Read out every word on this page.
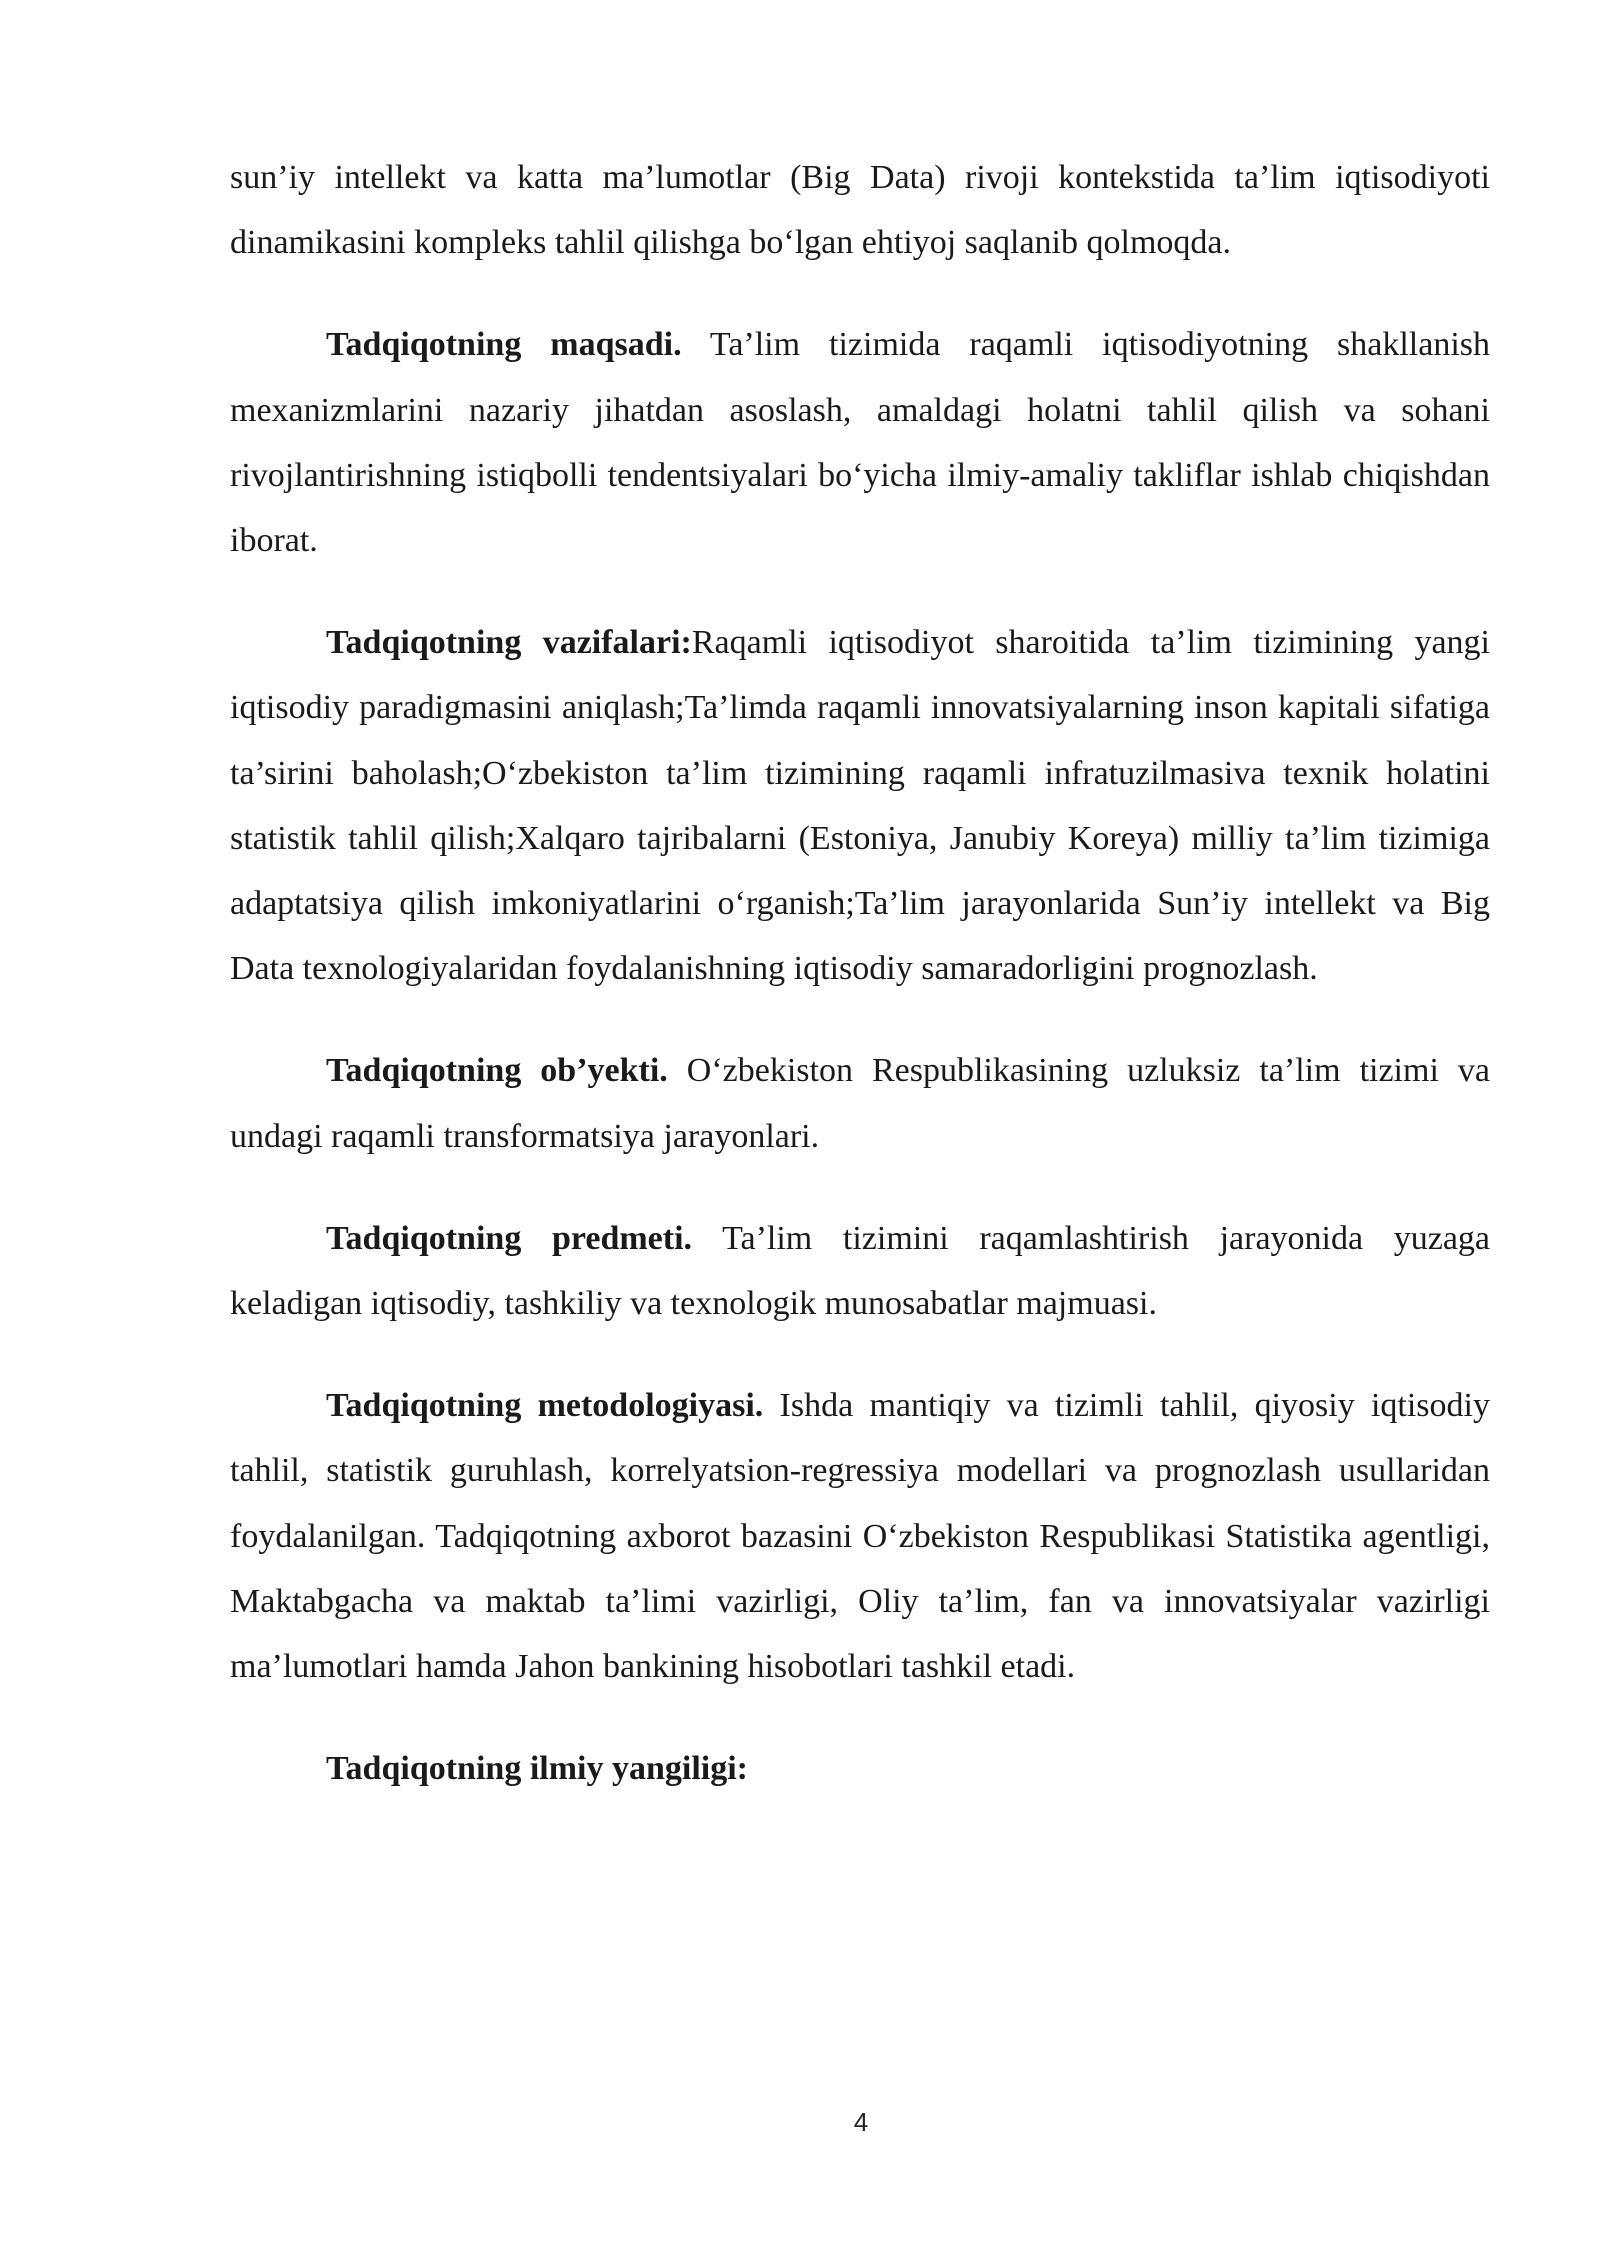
sun’iy intellekt va katta ma’lumotlar (Big Data) rivoji kontekstida ta’lim iqtisodiyoti dinamikasini kompleks tahlil qilishga bo‘lgan ehtiyoj saqlanib qolmoqda.

Tadqiqotning maqsadi. Ta’lim tizimida raqamli iqtisodiyotning shakllanish mexanizmlarini nazariy jihatdan asoslash, amaldagi holatni tahlil qilish va sohani rivojlantirishning istiqbolli tendentsiyalari bo‘yicha ilmiy-amaliy takliflar ishlab chiqishdan iborat.

Tadqiqotning vazifalari:Raqamli iqtisodiyot sharoitida ta’lim tizimining yangi iqtisodiy paradigmasini aniqlash;Ta’limda raqamli innovatsiyalarning inson kapitali sifatiga ta’sirini baholash;O‘zbekiston ta’lim tizimining raqamli infratuzilmasiva texnik holatini statistik tahlil qilish;Xalqaro tajribalarni (Estoniya, Janubiy Koreya) milliy ta’lim tizimiga adaptatsiya qilish imkoniyatlarini o‘rganish;Ta’lim jarayonlarida Sun’iy intellekt va Big Data texnologiyalaridan foydalanishning iqtisodiy samaradorligini prognozlash.

Tadqiqotning ob’yekti. O‘zbekiston Respublikasining uzluksiz ta’lim tizimi va undagi raqamli transformatsiya jarayonlari.

Tadqiqotning predmeti. Ta’lim tizimini raqamlashtirish jarayonida yuzaga keladigan iqtisodiy, tashkiliy va texnologik munosabatlar majmuasi.

Tadqiqotning metodologiyasi. Ishda mantiqiy va tizimli tahlil, qiyosiy iqtisodiy tahlil, statistik guruhlash, korrelyatsion-regressiya modellari va prognozlash usullaridan foydalanilgan. Tadqiqotning axborot bazasini O‘zbekiston Respublikasi Statistika agentligi, Maktabgacha va maktab ta’limi vazirligi, Oliy ta’lim, fan va innovatsiyalar vazirligi ma’lumotlari hamda Jahon bankining hisobotlari tashkil etadi.

Tadqiqotning ilmiy yangiligi:

4
